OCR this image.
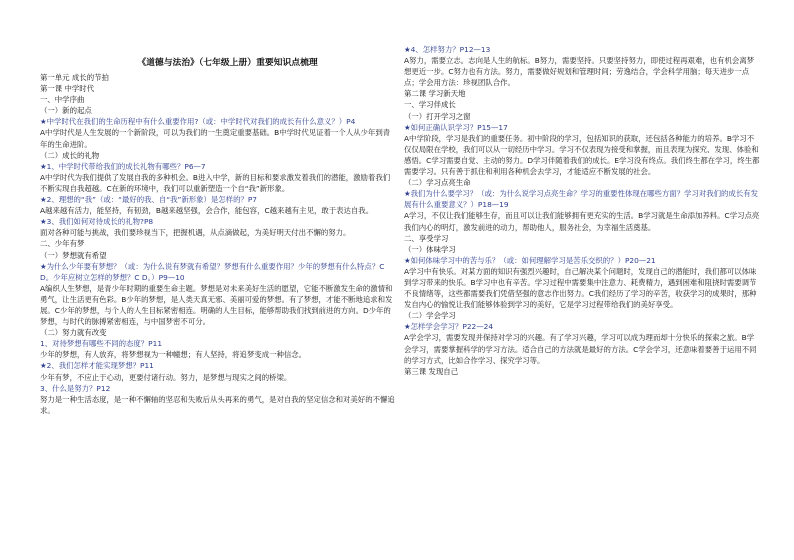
《道德与法治》（七年级上册）重要知识点梳理
第一单元 成长的节拍
第一课 中学时代
一、中学序曲
（一）新的起点
★中学时代在我们的生命历程中有什么重要作用?（或：中学时代对我们的成长有什么意义？）P4
A中学时代是人生发展的一个新阶段，可以为我们的一生奠定重要基础。B中学时代见证着一个人从少年到青年的生命进阶。
（二）成长的礼物
★1、中学时代带给我们的成长礼物有哪些？P6—7
A中学时代为我们提供了发展自我的多种机会。B进入中学，新的目标和要求激发着我们的潜能，激励着我们不断实现自我超越。C在新的环境中，我们可以重新塑造一个自“我”新形象。
★2、理想的“我”（或：“最好的我、自“我”新形象）是怎样的？P7
A越来越有活力，能坚持，有韧劲，B越来越坚强，会合作，能包容，C越来越有主见，敢于表达自我。
★3、我们如何对待成长的礼物?P8
面对各种可能与挑战，我们要珍视当下，把握机遇，从点滴做起，为美好明天付出不懈的努力。
二、少年有梦
（一）梦想就有希望
★为什么少年要有梦想？（或：为什么说有梦就有希望？梦想有什么重要作用？少年的梦想有什么特点？C D。少年应树立怎样的梦想？C D。）P9—10
A编织人生梦想，是青少年时期的重要生命主题。梦想是对未来美好生活的愿望，它能不断激发生命的激情和勇气，让生活更有色彩。B少年的梦想，是人类天真无邪、美丽可爱的梦想。有了梦想，才能不断地追求和发展。C少年的梦想，与个人的人生目标紧密相连。明确的人生目标，能够帮助我们找到前进的方向。D少年的梦想，与时代的脉搏紧密相连，与中国梦密不可分。
（二）努力就有改变
1、对待梦想有哪些不同的态度？P11
少年的梦想，有人放弃，将梦想视为一种幢想；有人坚持，将追梦变成一种信念。
★2、我们怎样才能实现梦想？P11
少年有梦，不应止于心动，更要付诸行动。努力，是梦想与现实之间的桥梁。
3、什么是努力？P12
努力是一种生活态度，是一种不懈轴的坚忍和失败后从头再来的勇气，是对自我的坚定信念和对美好的不懈追求。
★4、怎样努力？P12—13
A努力，需要立志。志向是人生的航标。B努力，需要坚持。只要坚持努力，即使过程再艰难，也有机会离梦想更近一步。C努力也有方法。努力，需要做好规划和管理时间；劳逸结合，学会科学用脑；每天进步一点点；学会用方法：珍视团队合作。
第二课 学习新天地
一、学习伴成长
（一）打开学习之窗
★如何正确认识学习？P15—17
A中学阶段，学习是我们的重要任务。初中阶段的学习，包括知识的获取，还包括各种能力的培养。B学习不仅仅局限在学校，我们可以从一切经历中学习。学习不仅表现为接受和掌握，而且表现为探究、发现、体验和感悟。C学习需要自觉、主动的努力。D学习伴随着我们的成长。E学习没有终点。我们终生都在学习，终生都需要学习。只有善于抓住和利用各种机会去学习，才能适应不断发展的社会。
（二）学习点亮生命
★我们为什么要学习？（或：为什么说学习点亮生命？学习的重要性体现在哪些方面？学习对我们的成长有发展有什么重要意义？）P18—19
A学习，不仅让我们能够生存，而且可以让我们能够拥有更充实的生活。B学习就是生命添加养料。C学习点亮我们内心的明灯，激发前进的动力，帮助他人，服务社会，为幸福生活奠基。
二、享受学习
（一）体味学习
★如何体味学习中的苦与乐？（或：如何理解学习是苦乐交织的？）P20—21
A学习中有快乐。对某方面的知识有强烈兴趣时，自己解决某个问题时，发现自己的潜能时，我们都可以体味到学习带来的快乐。B学习中也有辛苦。学习过程中需要集中注意力、耗费精力，遇到困难和阻挠时需要调节不良情绪等，这些都需要我们凭借坚强的意志作出努力。C我们经历了学习的辛苦，收获学习的成果时，那种发自内心的愉悦让我们能够体验到学习的美好，它是学习过程带给我们的美好享受。
（二）学会学习
★怎样学会学习？P22—24
A学会学习，需要发现并保持对学习的兴趣。有了学习兴趣，学习可以成为理而却十分快乐的探索之旅。B学会学习，需要掌握科学的学习方法。适合自己的方法就是最好的方法。C学会学习，还意味着要善于运用不同的学习方式，比如合作学习、探究学习等。
第三课 发现自己
